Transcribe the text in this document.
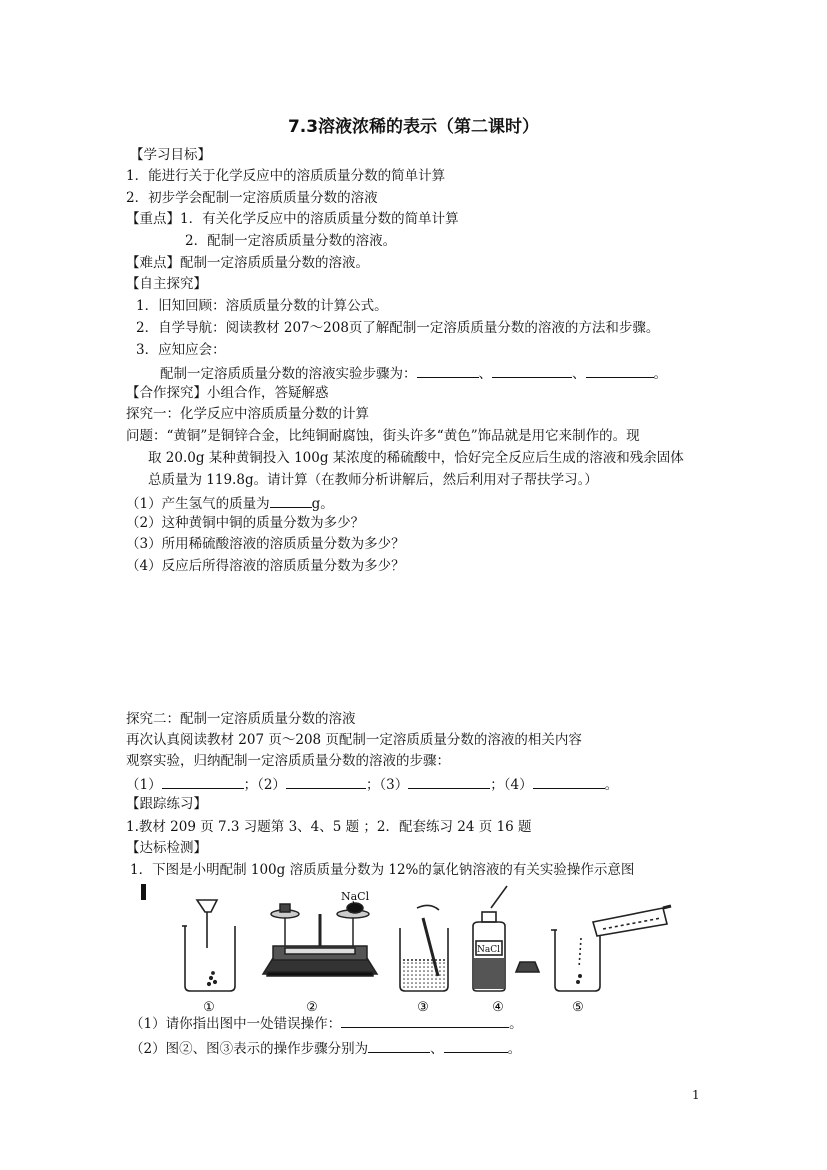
7.3溶液浓稀的表示（第二课时）
【学习目标】
1．能进行关于化学反应中的溶质质量分数的简单计算
2．初步学会配制一定溶质质量分数的溶液
【重点】1．有关化学反应中的溶质质量分数的简单计算
2．配制一定溶质质量分数的溶液。
【难点】配制一定溶质质量分数的溶液。
【自主探究】
1．旧知回顾：溶质质量分数的计算公式。
2．自学导航：阅读教材 207～208页了解配制一定溶质质量分数的溶液的方法和步骤。
3．应知应会：
配制一定溶质质量分数的溶液实验步骤为：	、	、	。
【合作探究】小组合作，答疑解惑
探究一：化学反应中溶质质量分数的计算
问题：“黄铜”是铜锌合金，比纯铜耐腐蚀，街头许多“黄色”饰品就是用它来制作的。现
取 20.0g 某种黄铜投入 100g 某浓度的稀硫酸中，恰好完全反应后生成的溶液和残余固体
总质量为 119.8g。请计算（在教师分析讲解后，然后利用对子帮扶学习。）
（1）产生氢气的质量为	g。
（2）这种黄铜中铜的质量分数为多少？
（3）所用稀硫酸溶液的溶质质量分数为多少？
（4）反应后所得溶液的溶质质量分数为多少？
探究二：配制一定溶质质量分数的溶液
再次认真阅读教材 207 页～208 页配制一定溶质质量分数的溶液的相关内容
观察实验，归纳配制一定溶质质量分数的溶液的步骤：
（1）	；（2）	；（3）	；（4）	。
【跟踪练习】
1.教材 209 页 7.3 习题第 3、4、5 题 ；2．配套练习 24 页 16 题
【达标检测】
1．下图是小明配制 100g 溶质质量分数为 12%的氯化钠溶液的有关实验操作示意图
NaCl
NaCl
①	②	③	④	⑤
（1）请你指出图中一处错误操作：	。
（2）图②、图③表示的操作步骤分别为	、	。
1
